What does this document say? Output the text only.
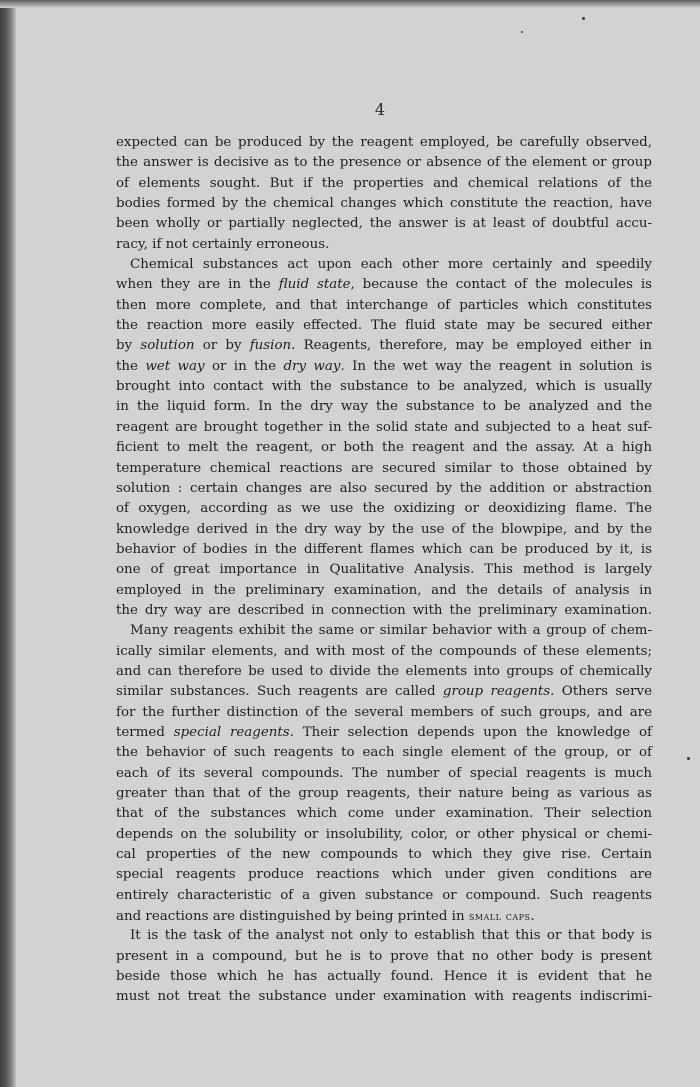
4
expected can be produced by the reagent employed, be carefully observed,
the answer is decisive as to the presence or absence of the element or group
of elements sought. But if the properties and chemical relations of the
bodies formed by the chemical changes which constitute the reaction, have
been wholly or partially neglected, the answer is at least of doubtful accu-
racy, if not certainly erroneous.
Chemical substances act upon each other more certainly and speedily
when they are in the fluid state, because the contact of the molecules is
then more complete, and that interchange of particles which constitutes
the reaction more easily effected. The fluid state may be secured either
by solution or by fusion. Reagents, therefore, may be employed either in
the wet way or in the dry way. In the wet way the reagent in solution is
brought into contact with the substance to be analyzed, which is usually
in the liquid form. In the dry way the substance to be analyzed and the
reagent are brought together in the solid state and subjected to a heat suf-
ficient to melt the reagent, or both the reagent and the assay. At a high
temperature chemical reactions are secured similar to those obtained by
solution : certain changes are also secured by the addition or abstraction
of oxygen, according as we use the oxidizing or deoxidizing flame. The
knowledge derived in the dry way by the use of the blowpipe, and by the
behavior of bodies in the different flames which can be produced by it, is
one of great importance in Qualitative Analysis. This method is largely
employed in the preliminary examination, and the details of analysis in
the dry way are described in connection with the preliminary examination.
Many reagents exhibit the same or similar behavior with a group of chem-
ically similar elements, and with most of the compounds of these elements;
and can therefore be used to divide the elements into groups of chemically
similar substances. Such reagents are called group reagents. Others serve
for the further distinction of the several members of such groups, and are
termed special reagents. Their selection depends upon the knowledge of
the behavior of such reagents to each single element of the group, or of
each of its several compounds. The number of special reagents is much
greater than that of the group reagents, their nature being as various as
that of the substances which come under examination. Their selection
depends on the solubility or insolubility, color, or other physical or chemi-
cal properties of the new compounds to which they give rise. Certain
special reagents produce reactions which under given conditions are
entirely characteristic of a given substance or compound. Such reagents
and reactions are distinguished by being printed in small caps.
It is the task of the analyst not only to establish that this or that body is
present in a compound, but he is to prove that no other body is present
beside those which he has actually found. Hence it is evident that he
must not treat the substance under examination with reagents indiscrimi-
